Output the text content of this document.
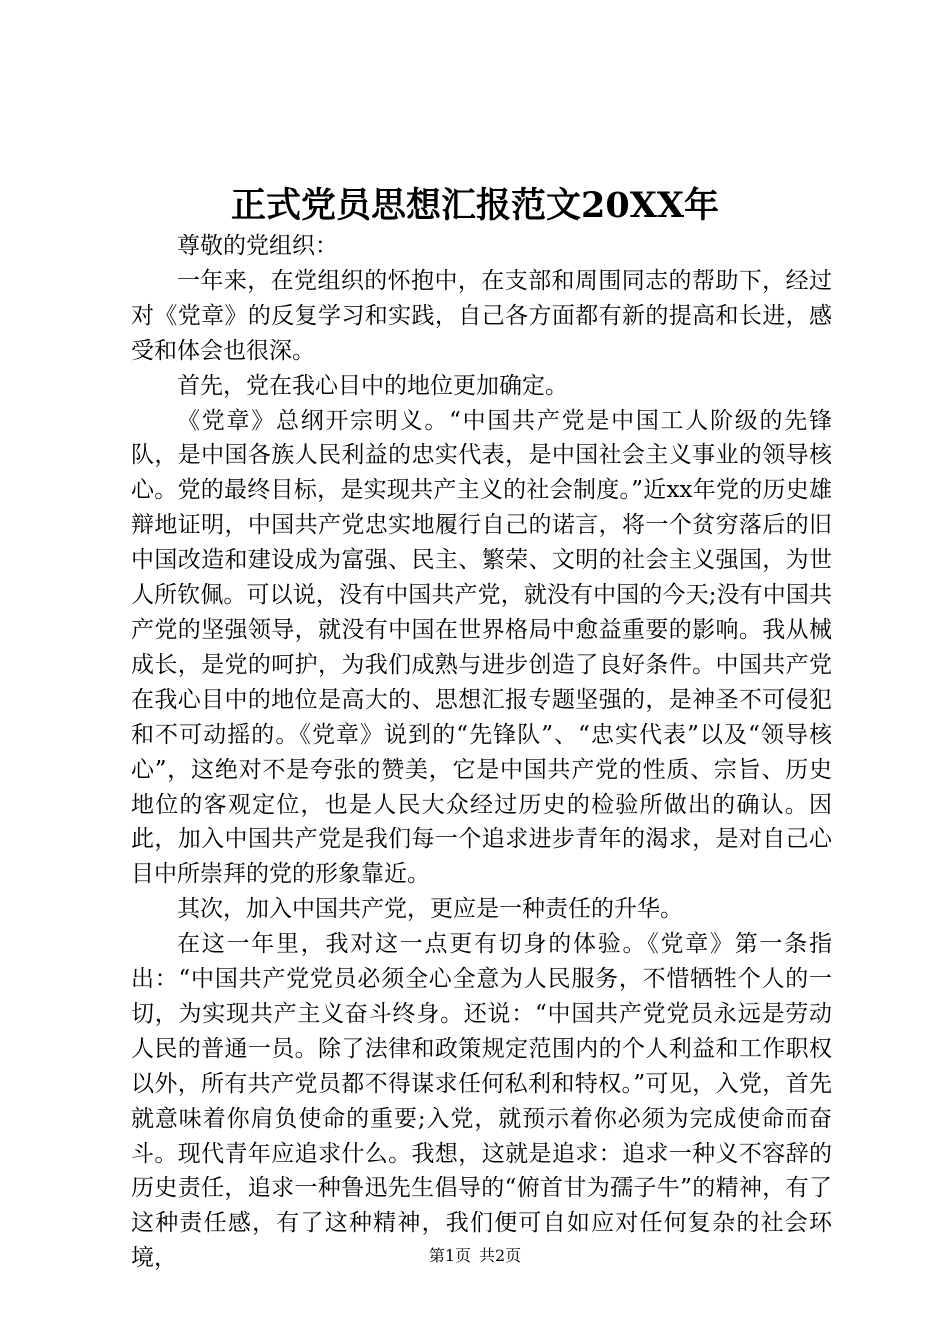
正式党员思想汇报范文20XX年

尊敬的党组织：

一年来，在党组织的怀抱中，在支部和周围同志的帮助下，经过对《党章》的反复学习和实践，自己各方面都有新的提高和长进，感受和体会也很深。

首先，党在我心目中的地位更加确定。

《党章》总纲开宗明义。“中国共产党是中国工人阶级的先锋队，是中国各族人民利益的忠实代表，是中国社会主义事业的领导核心。党的最终目标，是实现共产主义的社会制度。”近xx年党的历史雄辩地证明，中国共产党忠实地履行自己的诺言，将一个贫穷落后的旧中国改造和建设成为富强、民主、繁荣、文明的社会主义强国，为世人所钦佩。可以说，没有中国共产党，就没有中国的今天;没有中国共产党的坚强领导，就没有中国在世界格局中愈益重要的影响。我从械成长，是党的呵护，为我们成熟与进步创造了良好条件。中国共产党在我心目中的地位是高大的、思想汇报专题坚强的，是神圣不可侵犯和不可动摇的。《党章》说到的“先锋队”、“忠实代表”以及“领导核心”，这绝对不是夸张的赞美，它是中国共产党的性质、宗旨、历史地位的客观定位，也是人民大众经过历史的检验所做出的确认。因此，加入中国共产党是我们每一个追求进步青年的渴求，是对自己心目中所崇拜的党的形象靠近。

其次，加入中国共产党，更应是一种责任的升华。

在这一年里，我对这一点更有切身的体验。《党章》第一条指出：“中国共产党党员必须全心全意为人民服务，不惜牺牲个人的一切，为实现共产主义奋斗终身。还说：“中国共产党党员永远是劳动人民的普通一员。除了法律和政策规定范围内的个人利益和工作职权以外，所有共产党员都不得谋求任何私利和特权。”可见，入党，首先就意味着你肩负使命的重要;入党，就预示着你必须为完成使命而奋斗。现代青年应追求什么。我想，这就是追求：追求一种义不容辞的历史责任，追求一种鲁迅先生倡导的“俯首甘为孺子牛”的精神，有了这种责任感，有了这种精神，我们便可自如应对任何复杂的社会环境，	第1页 共2页
